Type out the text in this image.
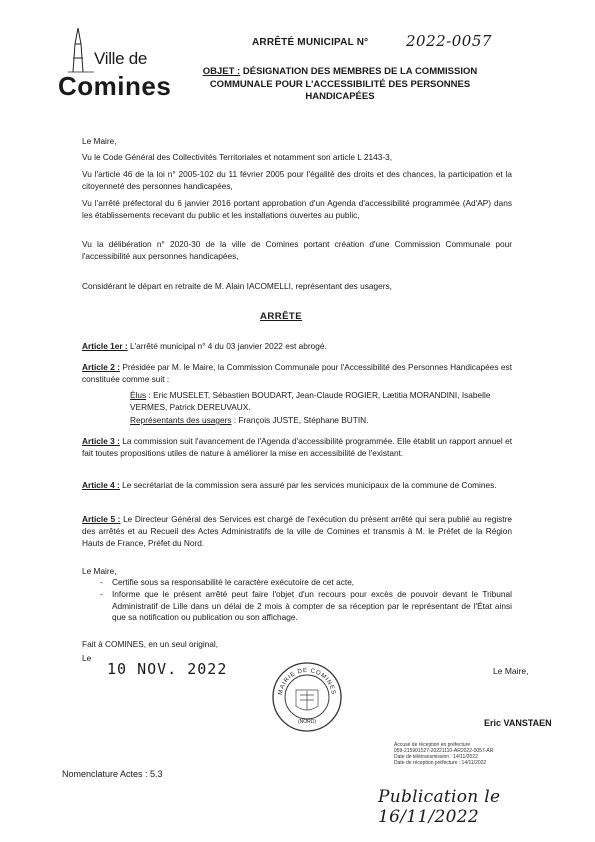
Ville de
Comines
ARRÊTÉ MUNICIPAL N°	2022-0057
OBJET : DÉSIGNATION DES MEMBRES DE LA COMMISSION COMMUNALE POUR L'ACCESSIBILITÉ DES PERSONNES HANDICAPÉES
Le Maire,
Vu le Code Général des Collectivités Territoriales et notamment son article L 2143-3,
Vu l'article 46 de la loi n° 2005-102 du 11 février 2005 pour l'égalité des droits et des chances, la participation et la citoyenneté des personnes handicapées,
Vu l'arrêté préfectoral du 6 janvier 2016 portant approbation d'un Agenda d'accessibilité programmée (Ad'AP) dans les établissements recevant du public et les installations ouvertes au public,
Vu la délibération n° 2020-30 de la ville de Comines portant création d'une Commission Communale pour l'accessibilité aux personnes handicapées,
Considérant le départ en retraite de M. Alain IACOMELLI, représentant des usagers,
ARRÊTE
Article 1er : L'arrêté municipal n° 4 du 03 janvier 2022 est abrogé.
Article 2 : Présidée par M. le Maire, la Commission Communale pour l'Accessibilité des Personnes Handicapées est constituée comme suit :
Élus : Eric MUSELET, Sébastien BOUDART, Jean-Claude ROGIER, Lætitia MORANDINI, Isabelle VERMES, Patrick DEREUVAUX.
Représentants des usagers : François JUSTE, Stéphane BUTIN.
Article 3 : La commission suit l'avancement de l'Agenda d'accessibilité programmée. Elle établit un rapport annuel et fait toutes propositions utiles de nature à améliorer la mise en accessibilité de l'existant.
Article 4 : Le secrétariat de la commission sera assuré par les services municipaux de la commune de Comines.
Article 5 : Le Directeur Général des Services est chargé de l'exécution du présent arrêté qui sera publié au registre des arrêtés et au Recueil des Actes Administratifs de la ville de Comines et transmis à M. le Préfet de la Région Hauts de France, Préfet du Nord.
Le Maire,
- Certifie sous sa responsabilité le caractère exécutoire de cet acte,
- Informe que le présent arrêté peut faire l'objet d'un recours pour excès de pouvoir devant le Tribunal Administratif de Lille dans un délai de 2 mois à compter de sa réception par le représentant de l'État ainsi que sa notification ou publication ou son affichage.
Fait à COMINES, en un seul original,
Le
10 NOV. 2022
MAIRIE DE COMINES
(NORD)
Le Maire,
Eric VANSTAEN
Accusé de réception en préfecture
059-215901527-20221110-AR2022-0057-AR
Date de télétransmission : 14/11/2022
Date de réception préfecture : 14/11/2022
Nomenclature Actes : 5.3
Publication le 16/11/2022
